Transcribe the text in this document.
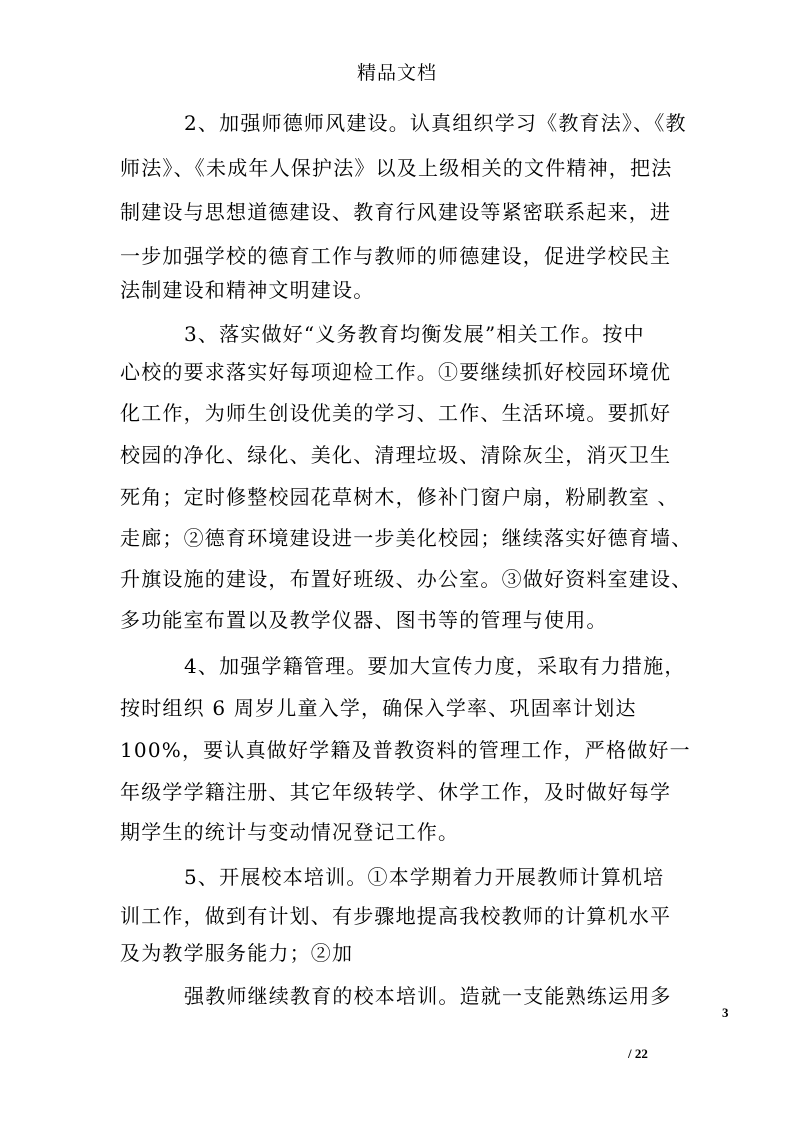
精品文档
2、加强师德师风建设。认真组织学习《教育法》、《教
师法》、《未成年人保护法》以及上级相关的文件精神，把法
制建设与思想道德建设、教育行风建设等紧密联系起来，进
一步加强学校的德育工作与教师的师德建设，促进学校民主
法制建设和精神文明建设。
3、落实做好“义务教育均衡发展”相关工作。按中
心校的要求落实好每项迎检工作。①要继续抓好校园环境优
化工作，为师生创设优美的学习、工作、生活环境。要抓好
校园的净化、绿化、美化、清理垃圾、清除灰尘，消灭卫生
死角；定时修整校园花草树木，修补门窗户扇，粉刷教室 、
走廊；②德育环境建设进一步美化校园；继续落实好德育墙、
升旗设施的建设，布置好班级、办公室。③做好资料室建设、
多功能室布置以及教学仪器、图书等的管理与使用。
4、加强学籍管理。要加大宣传力度，采取有力措施，
按时组织 6 周岁儿童入学，确保入学率、巩固率计划达
100%，要认真做好学籍及普教资料的管理工作，严格做好一
年级学学籍注册、其它年级转学、休学工作，及时做好每学
期学生的统计与变动情况登记工作。
5、开展校本培训。①本学期着力开展教师计算机培
训工作，做到有计划、有步骤地提高我校教师的计算机水平
及为教学服务能力；②加
强教师继续教育的校本培训。造就一支能熟练运用多
3
/ 22
